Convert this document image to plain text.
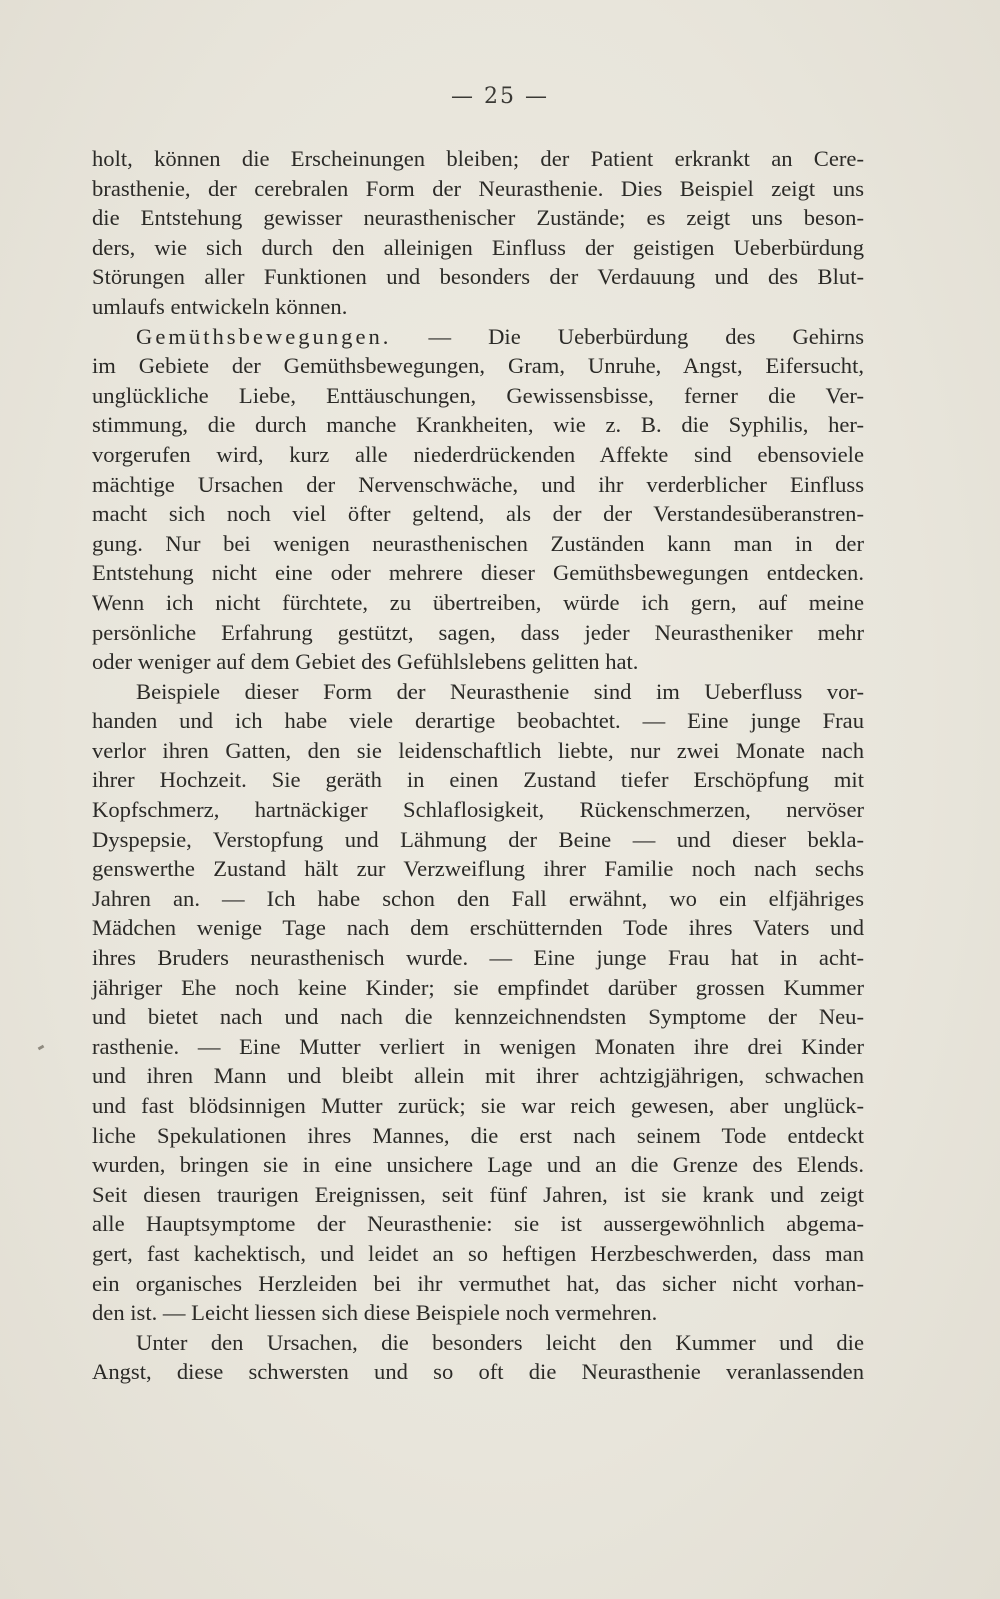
— 25 —
holt, können die Erscheinungen bleiben; der Patient erkrankt an Cere-
brasthenie, der cerebralen Form der Neurasthenie. Dies Beispiel zeigt uns
die Entstehung gewisser neurasthenischer Zustände; es zeigt uns beson-
ders, wie sich durch den alleinigen Einfluss der geistigen Ueberbürdung
Störungen aller Funktionen und besonders der Verdauung und des Blut-
umlaufs entwickeln können.
Gemüthsbewegungen. — Die Ueberbürdung des Gehirns
im Gebiete der Gemüthsbewegungen, Gram, Unruhe, Angst, Eifersucht,
unglückliche Liebe, Enttäuschungen, Gewissensbisse, ferner die Ver-
stimmung, die durch manche Krankheiten, wie z. B. die Syphilis, her-
vorgerufen wird, kurz alle niederdrückenden Affekte sind ebensoviele
mächtige Ursachen der Nervenschwäche, und ihr verderblicher Einfluss
macht sich noch viel öfter geltend, als der der Verstandesüberanstren-
gung. Nur bei wenigen neurasthenischen Zuständen kann man in der
Entstehung nicht eine oder mehrere dieser Gemüthsbewegungen entdecken.
Wenn ich nicht fürchtete, zu übertreiben, würde ich gern, auf meine
persönliche Erfahrung gestützt, sagen, dass jeder Neurastheniker mehr
oder weniger auf dem Gebiet des Gefühlslebens gelitten hat.
Beispiele dieser Form der Neurasthenie sind im Ueberfluss vor-
handen und ich habe viele derartige beobachtet. — Eine junge Frau
verlor ihren Gatten, den sie leidenschaftlich liebte, nur zwei Monate nach
ihrer Hochzeit. Sie geräth in einen Zustand tiefer Erschöpfung mit
Kopfschmerz, hartnäckiger Schlaflosigkeit, Rückenschmerzen, nervöser
Dyspepsie, Verstopfung und Lähmung der Beine — und dieser bekla-
genswerthe Zustand hält zur Verzweiflung ihrer Familie noch nach sechs
Jahren an. — Ich habe schon den Fall erwähnt, wo ein elfjähriges
Mädchen wenige Tage nach dem erschütternden Tode ihres Vaters und
ihres Bruders neurasthenisch wurde. — Eine junge Frau hat in acht-
jähriger Ehe noch keine Kinder; sie empfindet darüber grossen Kummer
und bietet nach und nach die kennzeichnendsten Symptome der Neu-
rasthenie. — Eine Mutter verliert in wenigen Monaten ihre drei Kinder
und ihren Mann und bleibt allein mit ihrer achtzigjährigen, schwachen
und fast blödsinnigen Mutter zurück; sie war reich gewesen, aber unglück-
liche Spekulationen ihres Mannes, die erst nach seinem Tode entdeckt
wurden, bringen sie in eine unsichere Lage und an die Grenze des Elends.
Seit diesen traurigen Ereignissen, seit fünf Jahren, ist sie krank und zeigt
alle Hauptsymptome der Neurasthenie: sie ist aussergewöhnlich abgema-
gert, fast kachektisch, und leidet an so heftigen Herzbeschwerden, dass man
ein organisches Herzleiden bei ihr vermuthet hat, das sicher nicht vorhan-
den ist. — Leicht liessen sich diese Beispiele noch vermehren.
Unter den Ursachen, die besonders leicht den Kummer und die
Angst, diese schwersten und so oft die Neurasthenie veranlassenden
